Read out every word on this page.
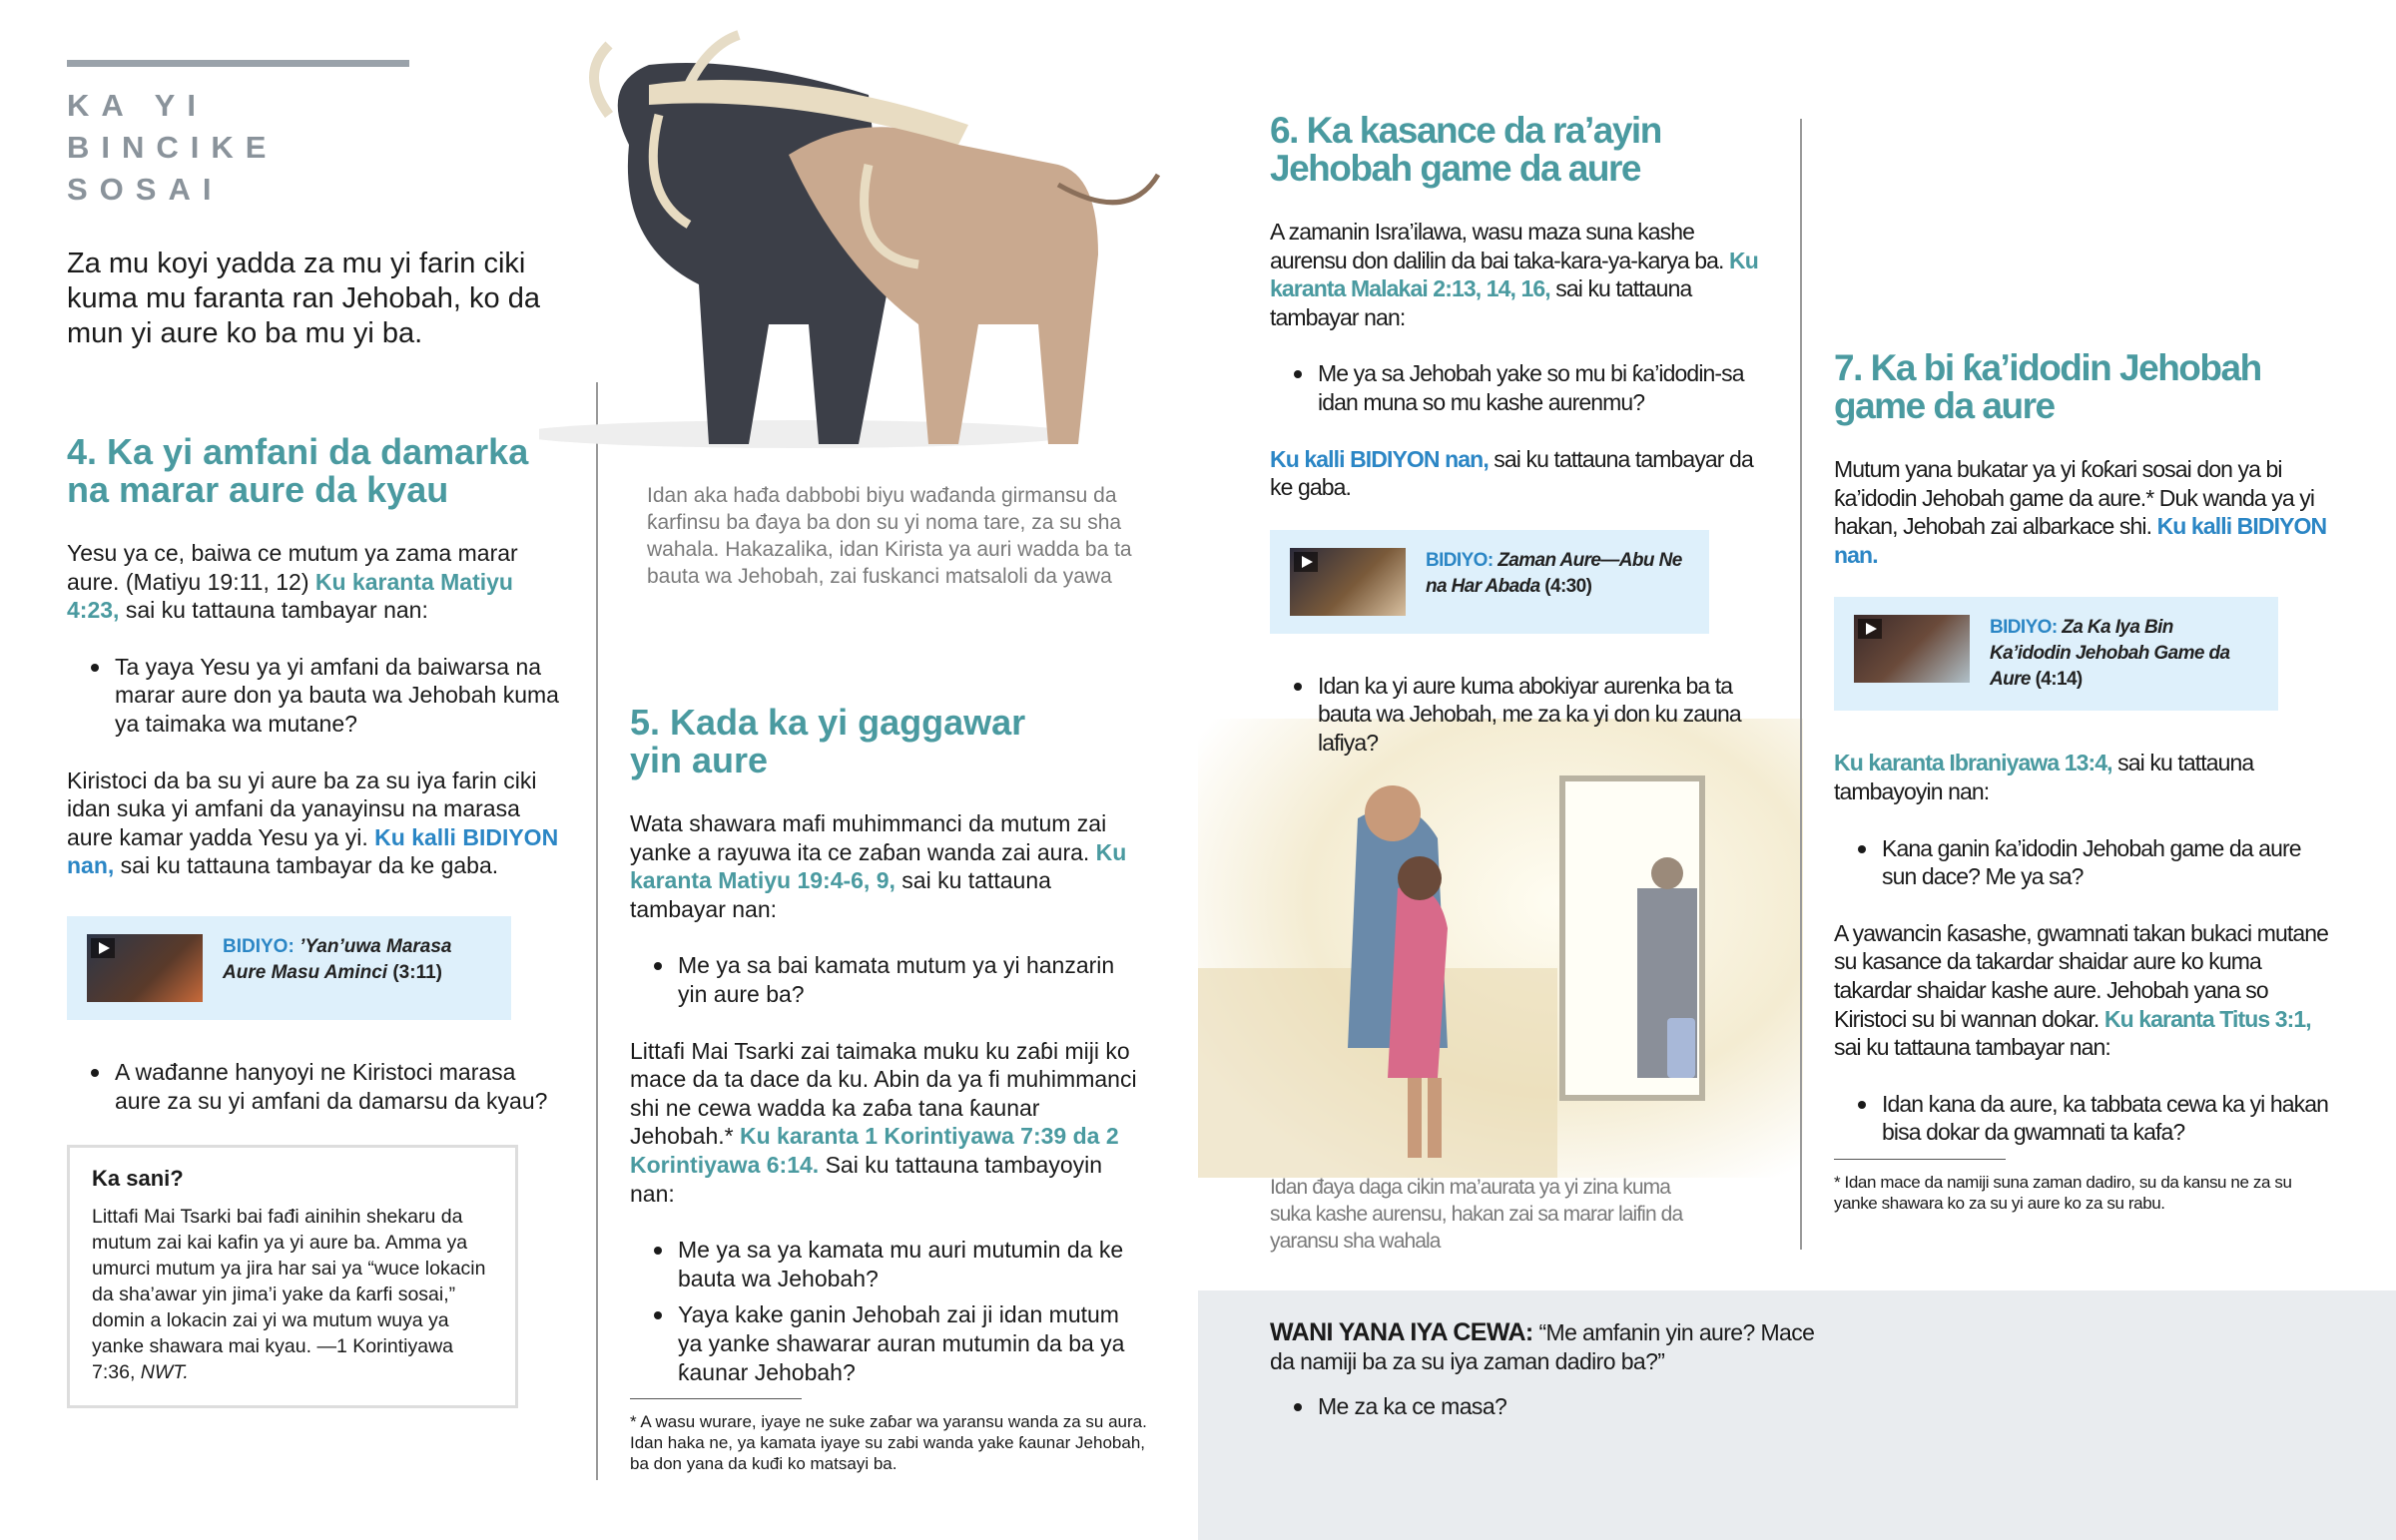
KA YI BINCIKE SOSAI

Za mu koyi yadda za mu yi farin ciki kuma mu faranta ran Jehobah, ko da mun yi aure ko ba mu yi ba.

4. Ka yi amfani da damarka na marar aure da kyau

Yesu ya ce, baiwa ce mutum ya zama marar aure. (Matiyu 19:11, 12) Ku karanta Matiyu 4:23, sai ku tattauna tambayar nan:

Ta yaya Yesu ya yi amfani da baiwarsa na marar aure don ya bauta wa Jehobah kuma ya taimaka wa mutane?

Kiristoci da ba su yi aure ba za su iya farin ciki idan suka yi amfani da yanayinsu na marasa aure kamar yadda Yesu ya yi. Ku kalli BIDIYON nan, sai ku tattauna tambayar da ke gaba.

BIDIYO: ’Yan’uwa Marasa Aure Masu Aminci (3:11)
A wađanne hanyoyi ne Kiristoci marasa aure za su yi amfani da damarsu da kyau?
Ka sani?

Littafi Mai Tsarki bai fađi ainihin shekaru da mutum zai kai kafin ya yi aure ba. Amma ya umurci mutum ya jira har sai ya “wuce lokacin da sha’awar yin jima’i yake da ƙarfi sosai,” domin a lokacin zai yi wa mutum wuya ya yanke shawara mai kyau. —1 Korintiyawa 7:36, NWT.

Idan aka hađa dabbobi biyu wađanda girmansu da ƙarfinsu ba đaya ba don su yi noma tare, za su sha wahala. Hakazalika, idan Kirista ya auri wadda ba ta bauta wa Jehobah, zai fuskanci matsaloli da yawa

5. Kada ka yi gaggawar yin aure

Wata shawara mafi muhimmanci da mutum zai yanke a rayuwa ita ce zaɓan wanda zai aura. Ku karanta Matiyu 19:4-6, 9, sai ku tattauna tambayar nan:

Me ya sa bai kamata mutum ya yi hanzarin yin aure ba?

Littafi Mai Tsarki zai taimaka muku ku zaɓi miji ko mace da ta dace da ku. Abin da ya fi muhimmanci shi ne cewa wadda ka zaɓa tana ƙaunar Jehobah.* Ku karanta 1 Korintiyawa 7:39 da 2 Korintiyawa 6:14. Sai ku tattauna tambayoyin nan:

Me ya sa ya kamata mu auri mutumin da ke bauta wa Jehobah?
Yaya kake ganin Jehobah zai ji idan mutum ya yanke shawarar auran mutumin da ba ya ƙaunar Jehobah?

* A wasu wurare, iyaye ne suke zaɓar wa yaransu wanda za su aura. Idan haka ne, ya kamata iyaye su zabi wanda yake ƙaunar Jehobah, ba don yana da kuđi ko matsayi ba.

WANI YANA IYA CEWA: “Me amfanin yin aure? Mace da namiji ba za su iya zaman dadiro ba?”

Me za ka ce masa?
6. Ka kasance da ra’ayin Jehobah game da aure

A zamanin Isra’ilawa, wasu maza suna kashe aurensu don dalilin da bai taka-kara-ya-karya ba. Ku karanta Malakai 2:13, 14, 16, sai ku tattauna tambayar nan:

Me ya sa Jehobah yake so mu bi ƙa’idodin-sa idan muna so mu kashe aurenmu?

Ku kalli BIDIYON nan, sai ku tattauna tambayar da ke gaba.

BIDIYO: Zaman Aure—Abu Ne na Har Abada (4:30)
Idan ka yi aure kuma abokiyar aurenka ba ta bauta wa Jehobah, me za ka yi don ku zauna lafiya?

Idan đaya daga cikin ma’aurata ya yi zina kuma suka kashe aurensu, hakan zai sa marar laifin da yaransu sha wahala

7. Ka bi ƙa’idodin Jehobah game da aure

Mutum yana bukatar ya yi ƙoƙari sosai don ya bi ƙa’idodin Jehobah game da aure.* Duk wanda ya yi hakan, Jehobah zai albarkace shi. Ku kalli BIDIYON nan.

BIDIYO: Za Ka Iya Bin Ka’idodin Jehobah Game da Aure (4:14)

Ku karanta Ibraniyawa 13:4, sai ku tattauna tambayoyin nan:

Kana ganin ƙa’idodin Jehobah game da aure sun dace? Me ya sa?

A yawancin ƙasashe, gwamnati takan bukaci mutane su kasance da takardar shaidar aure ko kuma takardar shaidar kashe aure. Jehobah yana so Kiristoci su bi wannan dokar. Ku karanta Titus 3:1, sai ku tattauna tambayar nan:

Idan kana da aure, ka tabbata cewa ka yi hakan bisa dokar da gwamnati ta kafa?

* Idan mace da namiji suna zaman dadiro, su da kansu ne za su yanke shawara ko za su yi aure ko za su rabu.
